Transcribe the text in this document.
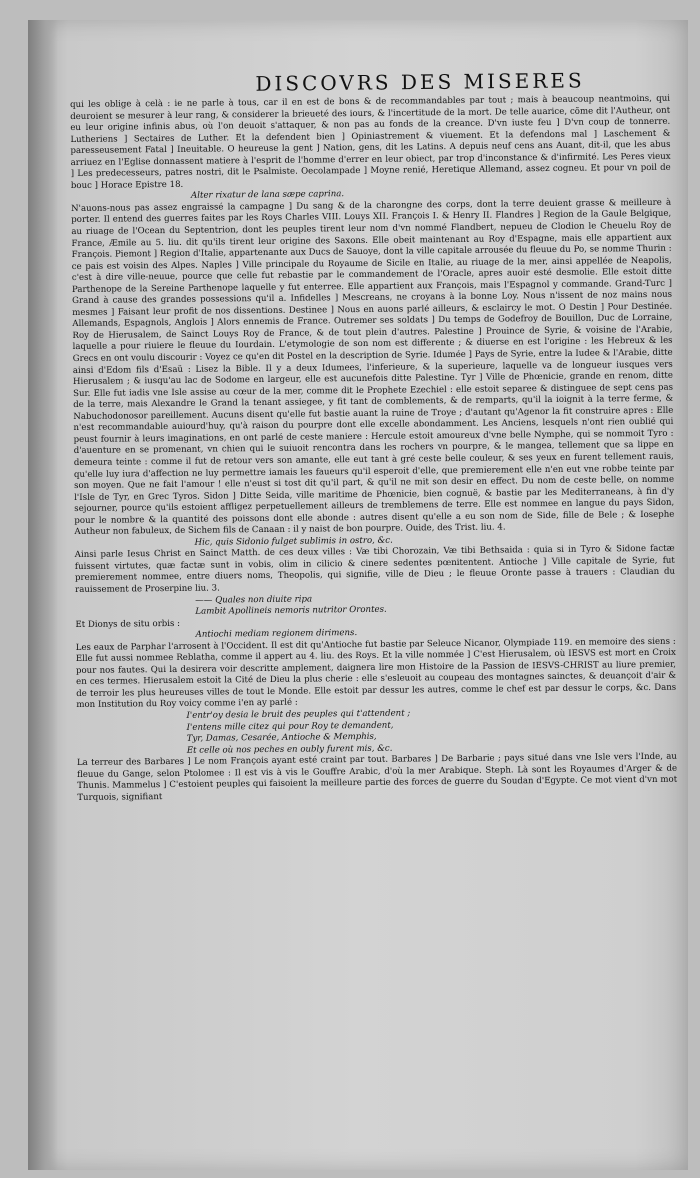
DISCOVRS DES MISERES

qui les oblige à celà : ie ne parle à tous, car il en est de bons & de recommandables par tout ; mais à beaucoup neantmoins, qui deuroient se mesurer à leur rang, & considerer la brieueté des iours, & l'incertitude de la mort. De telle auarice, cõme dit l'Autheur, ont eu leur origine infinis abus, où l'on deuoit s'attaquer, & non pas au fonds de la creance. D'vn iuste feu ] D'vn coup de tonnerre. Lutheriens ] Sectaires de Luther. Et la defendent bien ] Opiniastrement & viuement. Et la defendons mal ] Laschement & paresseusement Fatal ] Ineuitable. O heureuse la gent ] Nation, gens, dit les Latins. A depuis neuf cens ans Auant, dit-il, que les abus arriuez en l'Eglise donnassent matiere à l'esprit de l'homme d'errer en leur obiect, par trop d'inconstance & d'infirmité. Les Peres vieux ] Les predecesseurs, patres nostri, dit le Psalmiste. Oecolampade ] Moyne renié, Heretique Allemand, assez cogneu. Et pour vn poil de bouc ] Horace Epistre 18.

Alter rixatur de lana sæpe caprina.

N'auons-nous pas assez engraissé la campagne ] Du sang & de la charongne des corps, dont la terre deuient grasse & meilleure à porter. Il entend des guerres faites par les Roys Charles VIII. Louys XII. François I. & Henry II. Flandres ] Region de la Gaule Belgique, au riuage de l'Ocean du Septentrion, dont les peuples tirent leur nom d'vn nommé Flandbert, nepueu de Clodion le Cheuelu Roy de France, Æmile au 5. liu. dit qu'ils tirent leur origine des Saxons. Elle obeit maintenant au Roy d'Espagne, mais elle appartient aux François. Piemont ] Region d'Italie, appartenante aux Ducs de Sauoye, dont la ville capitale arrousée du fleuue du Po, se nomme Thurin : ce pais est voisin des Alpes. Naples ] Ville principale du Royaume de Sicile en Italie, au riuage de la mer, ainsi appellée de Neapolis, c'est à dire ville-neuue, pource que celle fut rebastie par le commandement de l'Oracle, apres auoir esté desmolie. Elle estoit ditte Parthenope de la Sereine Parthenope laquelle y fut enterree. Elle appartient aux François, mais l'Espagnol y commande. Grand-Turc ] Grand à cause des grandes possessions qu'il a. Infidelles ] Mescreans, ne croyans à la bonne Loy. Nous n'issent de noz mains nous mesmes ] Faisant leur profit de nos dissentions. Destinee ] Nous en auons parlé ailleurs, & esclaircy le mot. O Destin ] Pour Destinée. Allemands, Espagnols, Anglois ] Alors ennemis de France. Outremer ses soldats ] Du temps de Godefroy de Bouillon, Duc de Lorraine, Roy de Hierusalem, de Sainct Louys Roy de France, & de tout plein d'autres. Palestine ] Prouince de Syrie, & voisine de l'Arabie, laquelle a pour riuiere le fleuue du Iourdain. L'etymologie de son nom est differente ; & diuerse en est l'origine : les Hebreux & les Grecs en ont voulu discourir : Voyez ce qu'en dit Postel en la description de Syrie. Idumée ] Pays de Syrie, entre la Iudee & l'Arabie, ditte ainsi d'Edom fils d'Esaü : Lisez la Bible. Il y a deux Idumees, l'inferieure, & la superieure, laquelle va de longueur iusques vers Hierusalem ; & iusqu'au lac de Sodome en largeur, elle est aucunefois ditte Palestine. Tyr ] Ville de Phœnicie, grande en renom, ditte Sur. Elle fut iadis vne Isle assise au cœur de la mer, comme dit le Prophete Ezechiel : elle estoit separee & distinguee de sept cens pas de la terre, mais Alexandre le Grand la tenant assiegee, y fit tant de comblements, & de remparts, qu'il la ioignit à la terre ferme, & Nabuchodonosor pareillement. Aucuns disent qu'elle fut bastie auant la ruine de Troye ; d'autant qu'Agenor la fit construire apres : Elle n'est recommandable auiourd'huy, qu'à raison du pourpre dont elle excelle abondamment. Les Anciens, lesquels n'ont rien oublié qui peust fournir à leurs imaginations, en ont parlé de ceste maniere : Hercule estoit amoureux d'vne belle Nymphe, qui se nommoit Tyro : d'auenture en se promenant, vn chien qui le suiuoit rencontra dans les rochers vn pourpre, & le mangea, tellement que sa lippe en demeura teinte : comme il fut de retour vers son amante, elle eut tant à gré ceste belle couleur, & ses yeux en furent tellement rauis, qu'elle luy iura d'affection ne luy permettre iamais les faueurs qu'il esperoit d'elle, que premierement elle n'en eut vne robbe teinte par son moyen. Que ne fait l'amour ! elle n'eust si tost dit qu'il part, & qu'il ne mit son desir en effect. Du nom de ceste belle, on nomme l'Isle de Tyr, en Grec Tyros. Sidon ] Ditte Seida, ville maritime de Phœnicie, bien cognuë, & bastie par les Mediterraneans, à fin d'y sejourner, pource qu'ils estoient affligez perpetuellement ailleurs de tremblemens de terre. Elle est nommee en langue du pays Sidon, pour le nombre & la quantité des poissons dont elle abonde : autres disent qu'elle a eu son nom de Side, fille de Bele ; & Iosephe Autheur non fabuleux, de Sichem fils de Canaan : il y naist de bon pourpre. Ouide, des Trist. liu. 4.

Hic, quis Sidonio fulget sublimis in ostro, &c.

Ainsi parle Iesus Christ en Sainct Matth. de ces deux villes : Væ tibi Chorozain, Væ tibi Bethsaida : quia si in Tyro & Sidone factæ fuissent virtutes, quæ factæ sunt in vobis, olim in cilicio & cinere sedentes pœnitentent. Antioche ] Ville capitale de Syrie, fut premierement nommee, entre diuers noms, Theopolis, qui signifie, ville de Dieu ; le fleuue Oronte passe à trauers : Claudian du rauissement de Proserpine liu. 3.

—— Quales non diuite ripa

Lambit Apollineis nemoris nutritor Orontes.

Et Dionys de situ orbis :

Antiochi mediam regionem dirimens.

Les eaux de Parphar l'arrosent à l'Occident. Il est dit qu'Antioche fut bastie par Seleuce Nicanor, Olympiade 119. en memoire des siens : Elle fut aussi nommee Reblatha, comme il appert au 4. liu. des Roys. Et la ville nommée ] C'est Hierusalem, où IESVS est mort en Croix pour nos fautes. Qui la desirera voir descritte amplement, daignera lire mon Histoire de la Passion de IESVS-CHRIST au liure premier, en ces termes. Hierusalem estoit la Cité de Dieu la plus cherie : elle s'esleuoit au coupeau des montagnes sainctes, & deuançoit d'air & de terroir les plus heureuses villes de tout le Monde. Elle estoit par dessur les autres, comme le chef est par dessur le corps, &c. Dans mon Institution du Roy voicy comme i'en ay parlé :

I'entr'oy desia le bruit des peuples qui t'attendent ;

I'entens mille citez qui pour Roy te demandent,

Tyr, Damas, Cesarée, Antioche & Memphis,

Et celle où nos peches en oubly furent mis, &c.

La terreur des Barbares ] Le nom François ayant esté craint par tout. Barbares ] De Barbarie ; pays situé dans vne Isle vers l'Inde, au fleuue du Gange, selon Ptolomee : Il est vis à vis le Gouffre Arabic, d'où la mer Arabique. Steph. Là sont les Royaumes d'Arger & de Thunis. Mammelus ] C'estoient peuples qui faisoient la meilleure partie des forces de guerre du Soudan d'Egypte. Ce mot vient d'vn mot Turquois, signifiant
